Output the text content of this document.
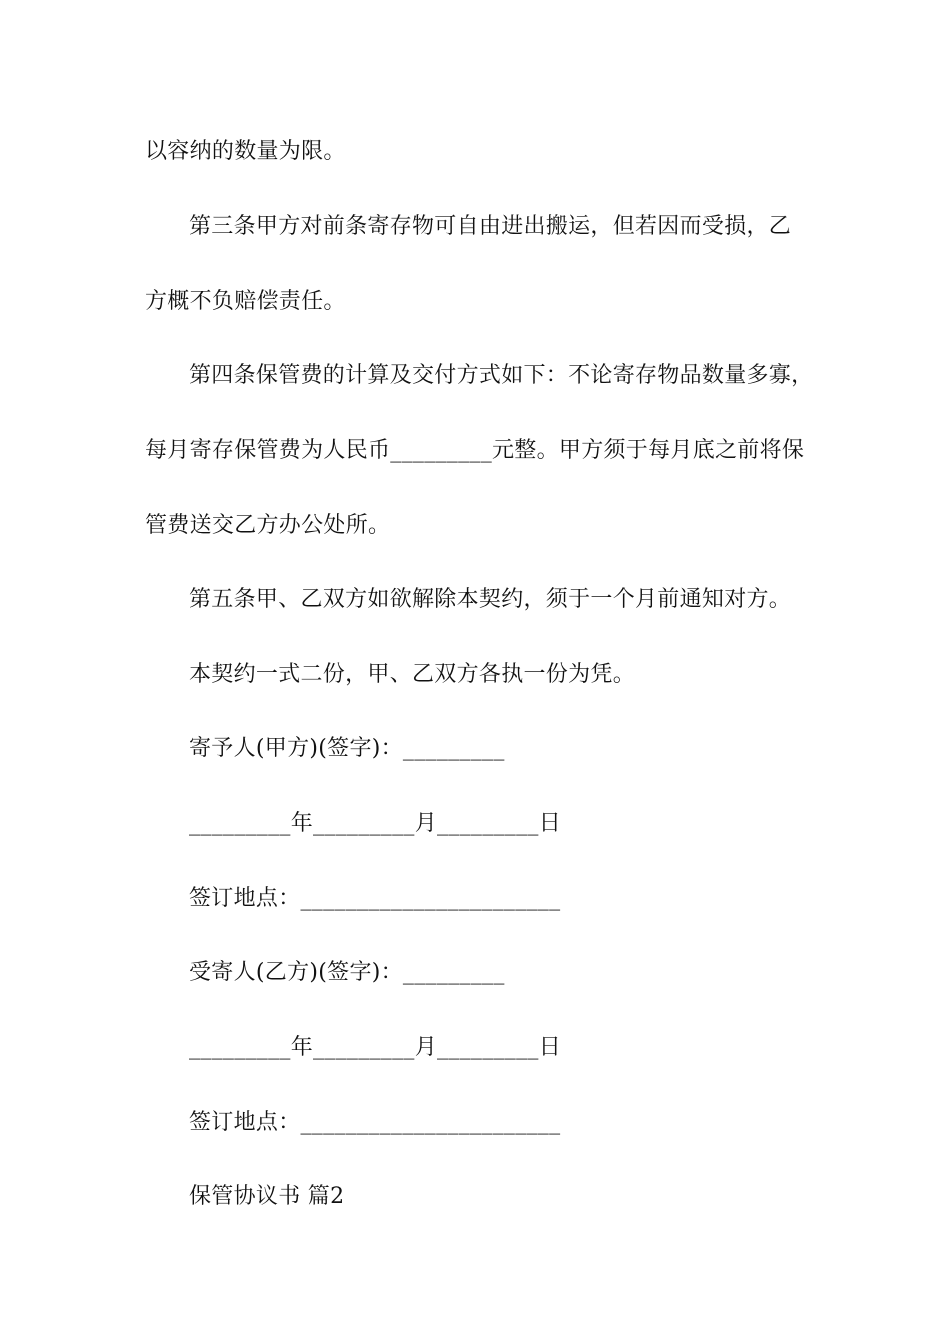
以容纳的数量为限。
第三条甲方对前条寄存物可自由进出搬运，但若因而受损，乙
方概不负赔偿责任。
第四条保管费的计算及交付方式如下：不论寄存物品数量多寡，
每月寄存保管费为人民币_________元整。甲方须于每月底之前将保
管费送交乙方办公处所。
第五条甲、乙双方如欲解除本契约，须于一个月前通知对方。
本契约一式二份，甲、乙双方各执一份为凭。
寄予人(甲方)(签字)：_________
_________年_________月_________日
签订地点：_______________________
受寄人(乙方)(签字)：_________
_________年_________月_________日
签订地点：_______________________
保管协议书 篇2
